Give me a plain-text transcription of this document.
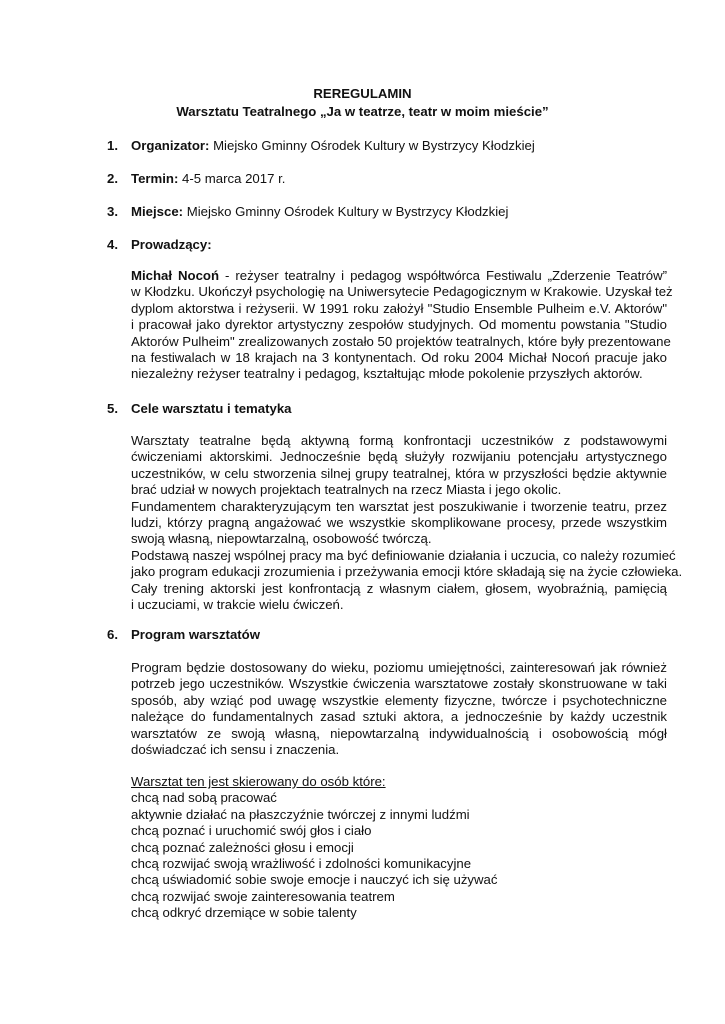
REREGULAMIN
Warsztatu Teatralnego „Ja w teatrze, teatr w moim mieście”
1. Organizator: Miejsko Gminny Ośrodek Kultury w Bystrzycy Kłodzkiej
2. Termin: 4-5 marca 2017 r.
3. Miejsce: Miejsko Gminny Ośrodek Kultury w Bystrzycy Kłodzkiej
4. Prowadzący:
Michał Nocoń - reżyser teatralny i pedagog współtwórca Festiwalu „Zderzenie Teatrów”
w Kłodzku. Ukończył psychologię na Uniwersytecie Pedagogicznym w Krakowie. Uzyskał też
dyplom aktorstwa i reżyserii. W 1991 roku założył "Studio Ensemble Pulheim e.V. Aktorów"
i pracował jako dyrektor artystyczny zespołów studyjnych. Od momentu powstania "Studio
Aktorów Pulheim" zrealizowanych zostało 50 projektów teatralnych, które były prezentowane
na festiwalach w 18 krajach na 3 kontynentach. Od roku 2004 Michał Nocoń pracuje jako
niezależny reżyser teatralny i pedagog, kształtując młode pokolenie przyszłych aktorów.
5. Cele warsztatu i tematyka
Warsztaty teatralne będą aktywną formą konfrontacji uczestników z podstawowymi
ćwiczeniami aktorskimi. Jednocześnie będą służyły rozwijaniu potencjału artystycznego
uczestników, w celu stworzenia silnej grupy teatralnej, która w przyszłości będzie aktywnie
brać udział w nowych projektach teatralnych na rzecz Miasta i jego okolic.
Fundamentem charakteryzującym ten warsztat jest poszukiwanie i tworzenie teatru, przez
ludzi, którzy pragną angażować we wszystkie skomplikowane procesy, przede wszystkim
swoją własną, niepowtarzalną, osobowość twórczą.
Podstawą naszej wspólnej pracy ma być definiowanie działania i uczucia, co należy rozumieć
jako program edukacji zrozumienia i przeżywania emocji które składają się na życie człowieka.
Cały trening aktorski jest konfrontacją z własnym ciałem, głosem, wyobraźnią, pamięcią
i uczuciami, w trakcie wielu ćwiczeń.
6. Program warsztatów
Program będzie dostosowany do wieku, poziomu umiejętności, zainteresowań jak również
potrzeb jego uczestników. Wszystkie ćwiczenia warsztatowe zostały skonstruowane w taki
sposób, aby wziąć pod uwagę wszystkie elementy fizyczne, twórcze i psychotechniczne
należące do fundamentalnych zasad sztuki aktora, a jednocześnie by każdy uczestnik
warsztatów ze swoją własną, niepowtarzalną indywidualnością i osobowością mógł
doświadczać ich sensu i znaczenia.
Warsztat ten jest skierowany do osób które:
chcą nad sobą pracować
aktywnie działać na płaszczyźnie twórczej z innymi ludźmi
chcą poznać i uruchomić swój głos i ciało
chcą poznać zależności głosu i emocji
chcą rozwijać swoją wrażliwość i zdolności komunikacyjne
chcą uświadomić sobie swoje emocje i nauczyć ich się używać
chcą rozwijać swoje zainteresowania teatrem
chcą odkryć drzemiące w sobie talenty
